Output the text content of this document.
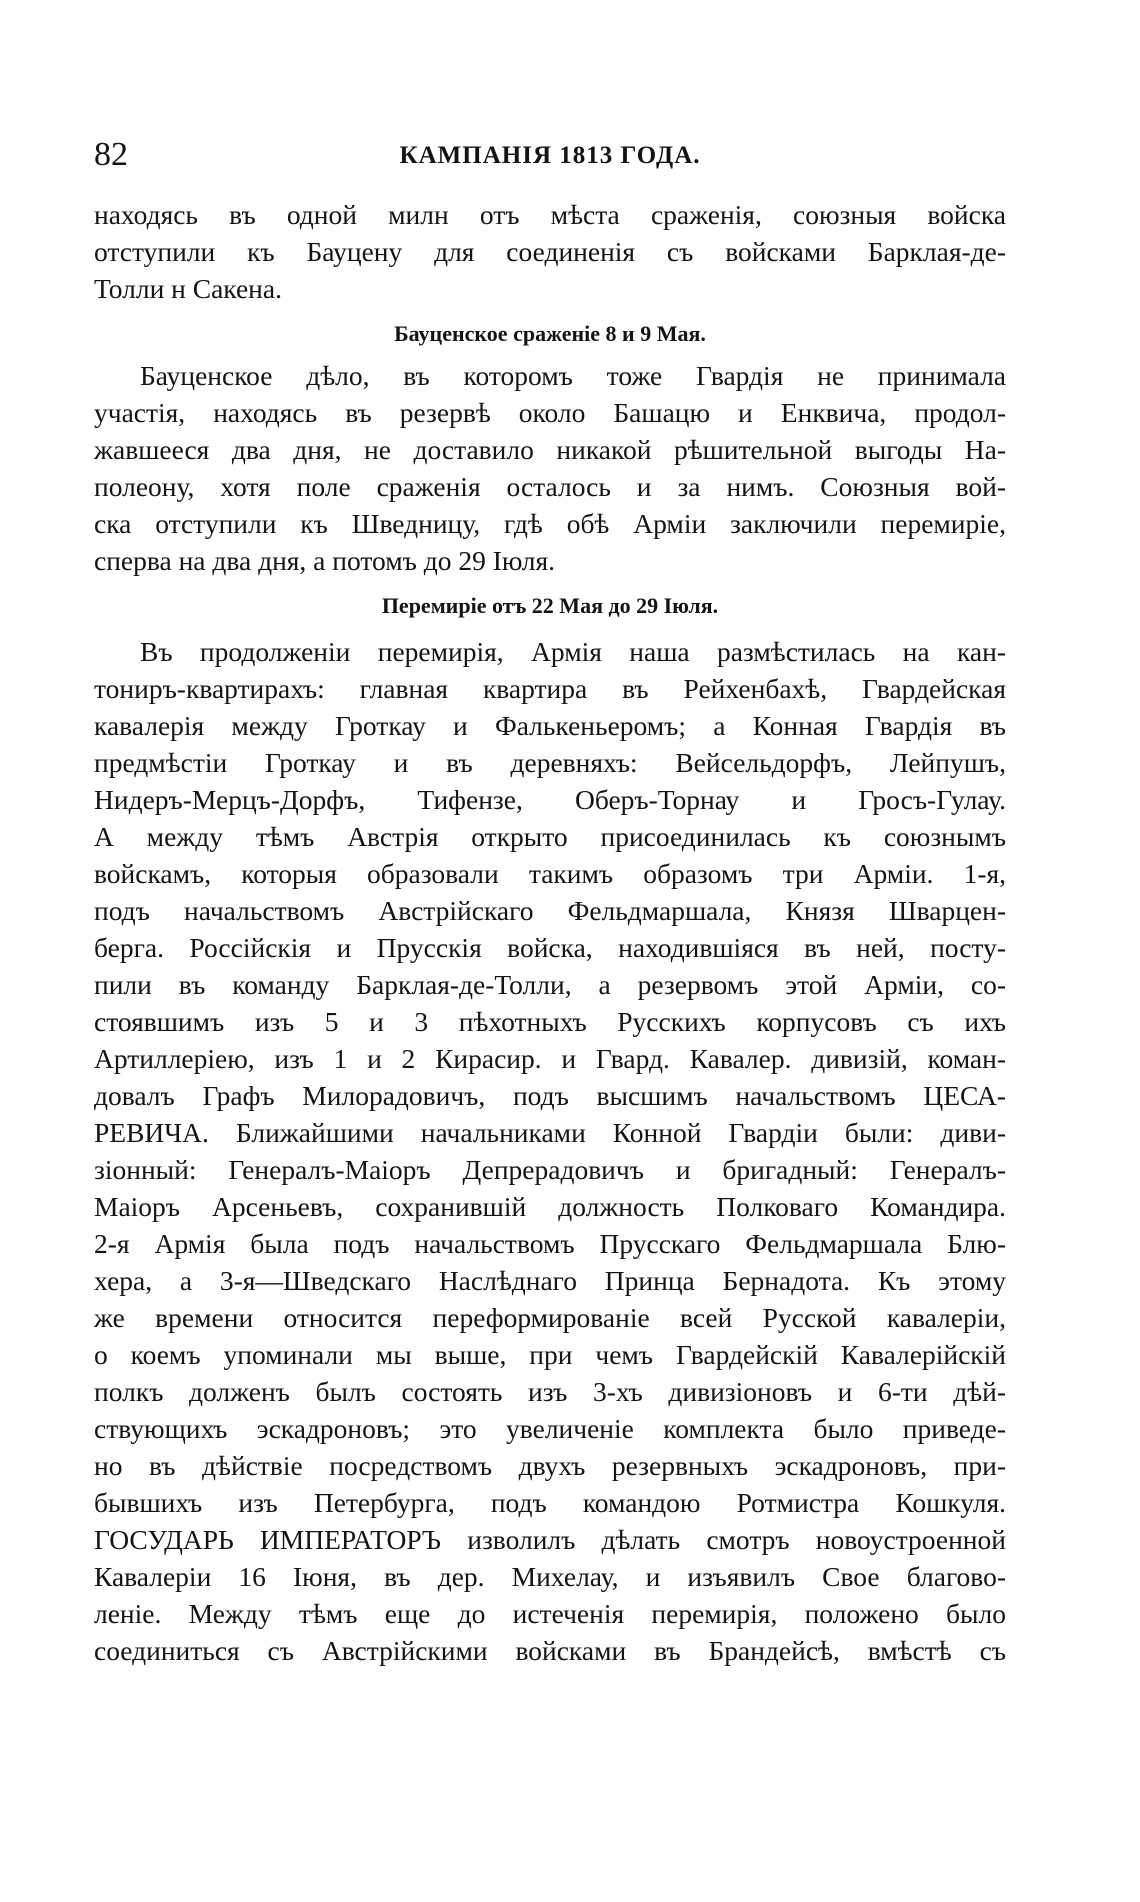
82	КАМПАНІЯ 1813 ГОДА.
находясь въ одной милн отъ мѣста сраженія, союзныя войска
отступили къ Бауцену для соединенія съ войсками Барклая-де-
Толли н Сакена.
Бауценское сраженіе 8 и 9 Мая.
Бауценское дѣло, въ которомъ тоже Гвардія не принимала
участія, находясь въ резервѣ около Башацю и Енквича, продол-
жавшееся два дня, не доставило никакой рѣшительной выгоды На-
полеону, хотя поле сраженія осталось и за нимъ. Союзныя вой-
ска отступили къ Шведницу, гдѣ обѣ Арміи заключили перемиріе,
сперва на два дня, а потомъ до 29 Іюля.
Перемиріе отъ 22 Мая до 29 Іюля.
Въ продолженіи перемирія, Армія наша размѣстилась на кан-
тониръ-квартирахъ: главная квартира въ Рейхенбахѣ, Гвардейская
кавалерія между Гроткау и Фалькеньеромъ; а Конная Гвардія въ
предмѣстіи Гроткау и въ деревняхъ: Вейсельдорфъ, Лейпушъ,
Нидеръ-Мерцъ-Дорфъ, Тифензе, Оберъ-Торнау и Гросъ-Гулау.
А между тѣмъ Австрія открыто присоединилась къ союзнымъ
войскамъ, которыя образовали такимъ образомъ три Арміи. 1-я,
подъ начальствомъ Австрійскаго Фельдмаршала, Князя Шварцен-
берга. Россійскія и Прусскія войска, находившіяся въ ней, посту-
пили въ команду Барклая-де-Толли, а резервомъ этой Арміи, со-
стоявшимъ изъ 5 и 3 пѣхотныхъ Русскихъ корпусовъ съ ихъ
Артиллеріею, изъ 1 и 2 Кирасир. и Гвард. Кавалер. дивизій, коман-
довалъ Графъ Милорадовичъ, подъ высшимъ начальствомъ ЦЕСА-
РЕВИЧА. Ближайшими начальниками Конной Гвардіи были: диви-
зіонный: Генералъ-Маіоръ Депрерадовичъ и бригадный: Генералъ-
Маіоръ Арсеньевъ, сохранившій должность Полковаго Командира.
2-я Армія была подъ начальствомъ Прусскаго Фельдмаршала Блю-
хера, а 3-я—Шведскаго Наслѣднаго Принца Бернадота. Къ этому
же времени относится переформированіе всей Русской кавалеріи,
о коемъ упоминали мы выше, при чемъ Гвардейскій Кавалерійскій
полкъ долженъ былъ состоять изъ 3-хъ дивизіоновъ и 6-ти дѣй-
ствующихъ эскадроновъ; это увеличеніе комплекта было приведе-
но въ дѣйствіе посредствомъ двухъ резервныхъ эскадроновъ, при-
бывшихъ изъ Петербурга, подъ командою Ротмистра Кошкуля.
ГОСУДАРЬ ИМПЕРАТОРЪ изволилъ дѣлать смотръ новоустроенной
Кавалеріи 16 Іюня, въ дер. Михелау, и изъявилъ Свое благово-
леніе. Между тѣмъ еще до истеченія перемирія, положено было
соединиться съ Австрійскими войсками въ Брандейсѣ, вмѣстѣ съ
